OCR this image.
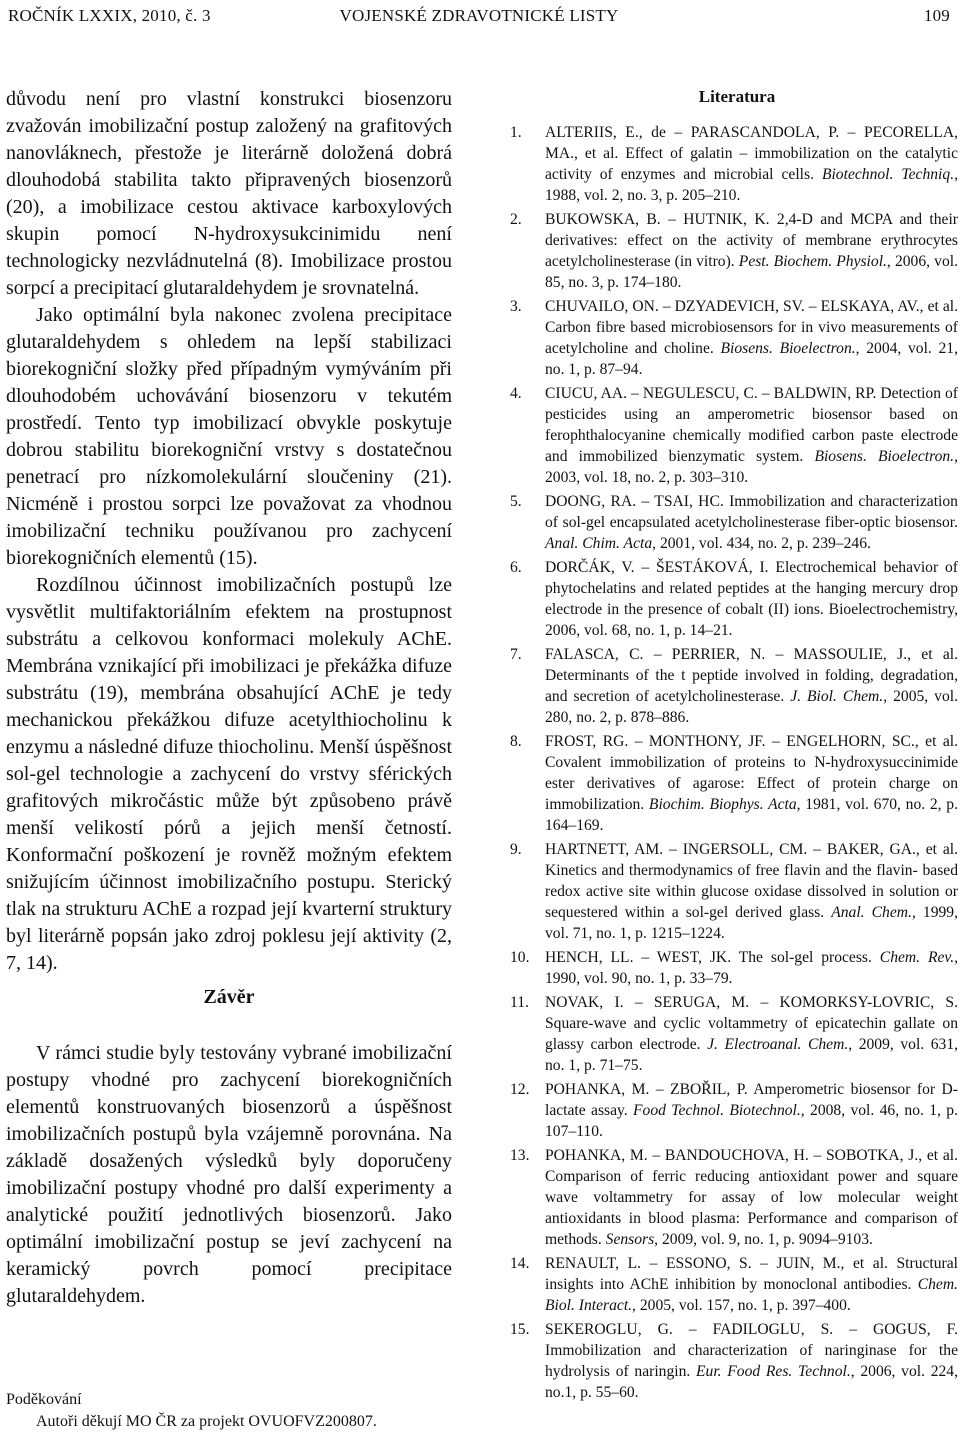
ROČNÍK LXXIX, 2010, č. 3	VOJENSKÉ ZDRAVOTNICKÉ LISTY	109

důvodu není pro vlastní konstrukci biosenzoru zvažován imobilizační postup založený na grafitových nanovláknech, přestože je literárně doložená dobrá dlouhodobá stabilita takto připravených biosenzorů (20), a imobilizace cestou aktivace karboxylových skupin pomocí N-hydroxysukcinimidu není technologicky nezvládnutelná (8). Imobilizace prostou sorpcí a precipitací glutaraldehydem je srovnatelná.

Jako optimální byla nakonec zvolena precipitace glutaraldehydem s ohledem na lepší stabilizaci biorekogniční složky před případným vymýváním při dlouhodobém uchovávání biosenzoru v tekutém prostředí. Tento typ imobilizací obvykle poskytuje dobrou stabilitu biorekogniční vrstvy s dostatečnou penetrací pro nízkomolekulární sloučeniny (21). Nicméně i prostou sorpci lze považovat za vhodnou imobilizační techniku používanou pro zachycení biorekogničních elementů (15).

Rozdílnou účinnost imobilizačních postupů lze vysvětlit multifaktoriálním efektem na prostupnost substrátu a celkovou konformaci molekuly AChE. Membrána vznikající při imobilizaci je překážka difuze substrátu (19), membrána obsahující AChE je tedy mechanickou překážkou difuze acetylthiocholinu k enzymu a následné difuze thiocholinu. Menší úspěšnost sol-gel technologie a zachycení do vrstvy sférických grafitových mikročástic může být způsobeno právě menší velikostí pórů a jejich menší četností. Konformační poškození je rovněž možným efektem snižujícím účinnost imobilizačního postupu. Sterický tlak na strukturu AChE a rozpad její kvarterní struktury byl literárně popsán jako zdroj poklesu její aktivity (2, 7, 14).

Závěr

V rámci studie byly testovány vybrané imobilizační postupy vhodné pro zachycení biorekogničních elementů konstruovaných biosenzorů a úspěšnost imobilizačních postupů byla vzájemně porovnána. Na základě dosažených výsledků byly doporučeny imobilizační postupy vhodné pro další experimenty a analytické použití jednotlivých biosenzorů. Jako optimální imobilizační postup se jeví zachycení na keramický povrch pomocí precipitace glutaraldehydem.

Poděkování
Autoři děkují MO ČR za projekt OVUOFVZ200807.
Literatura
1. ALTERIIS, E., de – PARASCANDOLA, P. – PECORELLA, MA., et al. Effect of galatin – immobilization on the catalytic activity of enzymes and microbial cells. Biotechnol. Techniq., 1988, vol. 2, no. 3, p. 205–210.
2. BUKOWSKA, B. – HUTNIK, K. 2,4-D and MCPA and their derivatives: effect on the activity of membrane erythrocytes acetylcholinesterase (in vitro). Pest. Biochem. Physiol., 2006, vol. 85, no. 3, p. 174–180.
3. CHUVAILO, ON. – DZYADEVICH, SV. – ELSKAYA, AV., et al. Carbon fibre based microbiosensors for in vivo measurements of acetylcholine and choline. Biosens. Bioelectron., 2004, vol. 21, no. 1, p. 87–94.
4. CIUCU, AA. – NEGULESCU, C. – BALDWIN, RP. Detection of pesticides using an amperometric biosensor based on ferophthalocyanine chemically modified carbon paste electrode and immobilized bienzymatic system. Biosens. Bioelectron., 2003, vol. 18, no. 2, p. 303–310.
5. DOONG, RA. – TSAI, HC. Immobilization and characterization of sol-gel encapsulated acetylcholinesterase fiber-optic biosensor. Anal. Chim. Acta, 2001, vol. 434, no. 2, p. 239–246.
6. DORČÁK, V. – ŠESTÁKOVÁ, I. Electrochemical behavior of phytochelatins and related peptides at the hanging mercury drop electrode in the presence of cobalt (II) ions. Bioelectrochemistry, 2006, vol. 68, no. 1, p. 14–21.
7. FALASCA, C. – PERRIER, N. – MASSOULIE, J., et al. Determinants of the t peptide involved in folding, degradation, and secretion of acetylcholinesterase. J. Biol. Chem., 2005, vol. 280, no. 2, p. 878–886.
8. FROST, RG. – MONTHONY, JF. – ENGELHORN, SC., et al. Covalent immobilization of proteins to N-hydroxysuccinimide ester derivatives of agarose: Effect of protein charge on immobilization. Biochim. Biophys. Acta, 1981, vol. 670, no. 2, p. 164–169.
9. HARTNETT, AM. – INGERSOLL, CM. – BAKER, GA., et al. Kinetics and thermodynamics of free flavin and the flavin- based redox active site within glucose oxidase dissolved in solution or sequestered within a sol-gel derived glass. Anal. Chem., 1999, vol. 71, no. 1, p. 1215–1224.
10. HENCH, LL. – WEST, JK. The sol-gel process. Chem. Rev., 1990, vol. 90, no. 1, p. 33–79.
11. NOVAK, I. – SERUGA, M. – KOMORKSY-LOVRIC, S. Square-wave and cyclic voltammetry of epicatechin gallate on glassy carbon electrode. J. Electroanal. Chem., 2009, vol. 631, no. 1, p. 71–75.
12. POHANKA, M. – ZBOŘIL, P. Amperometric biosensor for D-lactate assay. Food Technol. Biotechnol., 2008, vol. 46, no. 1, p. 107–110.
13. POHANKA, M. – BANDOUCHOVA, H. – SOBOTKA, J., et al. Comparison of ferric reducing antioxidant power and square wave voltammetry for assay of low molecular weight antioxidants in blood plasma: Performance and comparison of methods. Sensors, 2009, vol. 9, no. 1, p. 9094–9103.
14. RENAULT, L. – ESSONO, S. – JUIN, M., et al. Structural insights into AChE inhibition by monoclonal antibodies. Chem. Biol. Interact., 2005, vol. 157, no. 1, p. 397–400.
15. SEKEROGLU, G. – FADILOGLU, S. – GOGUS, F. Immobilization and characterization of naringinase for the hydrolysis of naringin. Eur. Food Res. Technol., 2006, vol. 224, no.1, p. 55–60.
